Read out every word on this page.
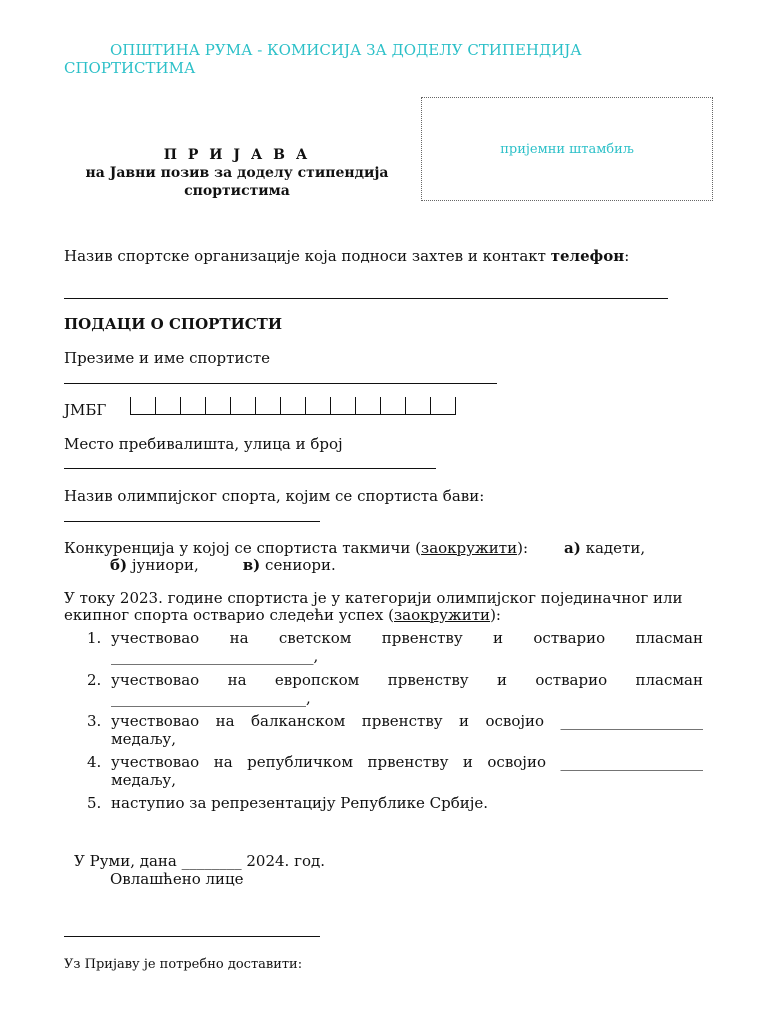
ОПШТИНА РУМА - КОМИСИЈА ЗА ДОДЕЛУ СТИПЕНДИЈА СПОРТИСТИМА
пријемни штамбиљ
П Р И Ј А В А
на Јавни позив за доделу стипендија
спортистима
Назив спортске организације која подноси захтев и контакт телефон:
ПОДАЦИ О СПОРТИСТИ
Презиме и име спортисте
ЈМБГ
Место пребивалишта, улица и број
Назив олимпијског спорта, којим се спортиста бави:
Конкуренција у којој се спортиста такмичи (заокружити): а) кадети,
б) јуниори,	в) сениори.
У току 2023. године спортиста је у категорији олимпијског појединачног или
екипног спорта остварио следећи успех (заокружити):
1. учествовао на светском првенству и остварио пласман
___________________________,
2. учествовао на европском првенству и остварио пласман
__________________________,
3. учествовао на балканском првенству и освојио ___________________
медаљу,
4. учествовао на републичком првенству и освојио ___________________
медаљу,
5. наступио за репрезентацију Републике Србије.
У Руми, дана ________ 2024. год.
Овлашћено лице
Уз Пријаву је потребно доставити:
